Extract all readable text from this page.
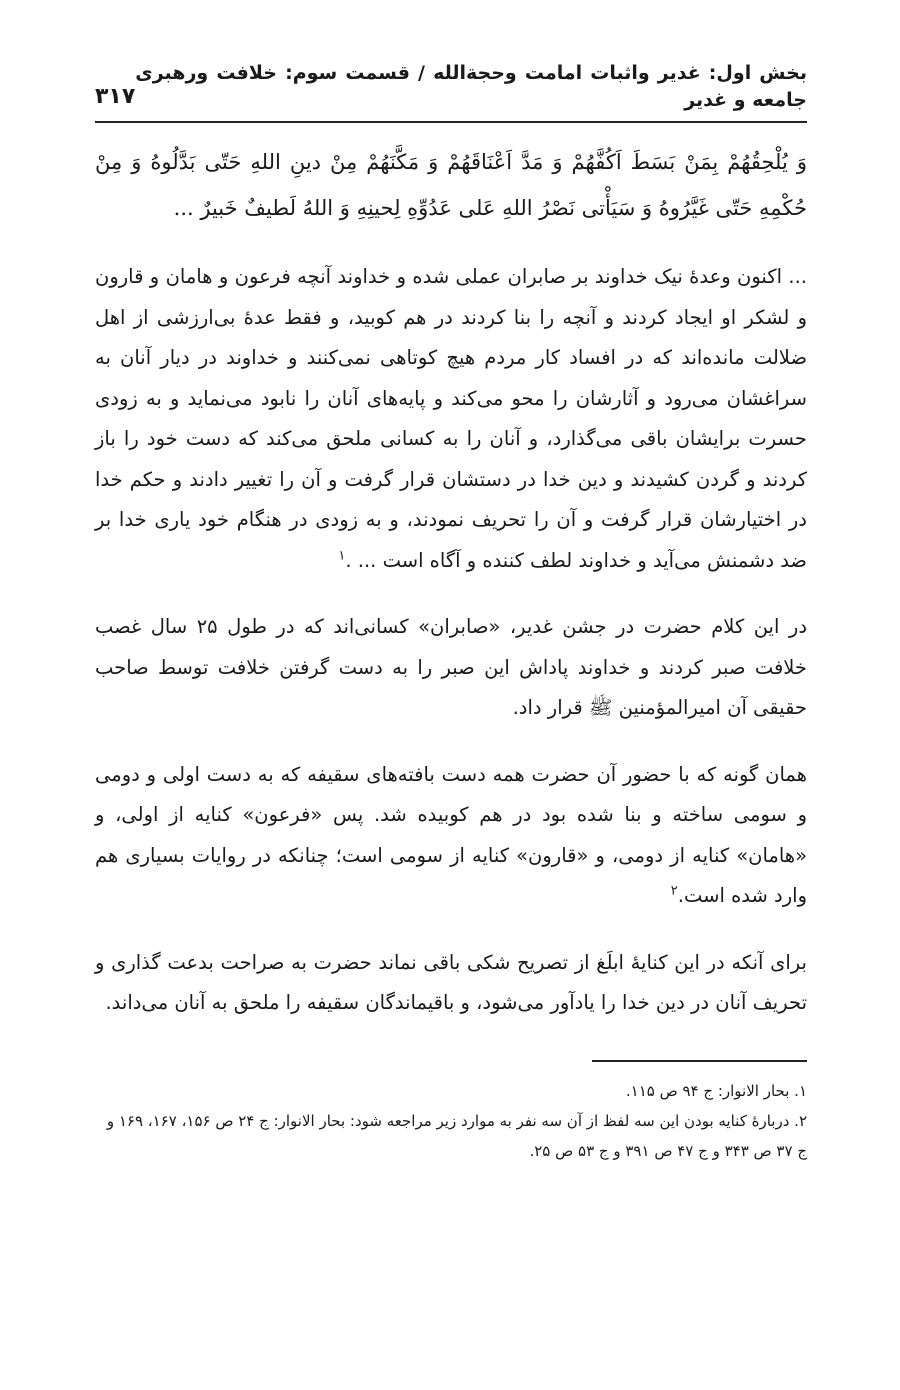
بخش اول: غدیر واثبات امامت وحجة‌الله / قسمت سوم: خلافت ورهبری جامعه و غدیر
۳۱۷
وَ يُلْحِقُهُمْ بِمَنْ بَسَطَ اَكُفَّهُمْ وَ مَدَّ اَعْنَاقَهُمْ وَ مَكَّنَهُمْ مِنْ دينِ اللهِ حَتّى بَدَّلُوهُ وَ مِنْ حُكْمِهِ حَتّى غَيَّرُوهُ وَ سَيَأْتى نَصْرُ اللهِ عَلى عَدُوِّهِ لِحينِهِ وَ اللهُ لَطيفٌ خَبيرٌ ...

... اكنون وعدهٔ نیک خداوند بر صابران عملی شده و خداوند آنچه فرعون و هامان و قارون و لشکر او ایجاد کردند و آنچه را بنا کردند در هم کوبید، و فقط عدهٔ بی‌ارزشی از اهل ضلالت مانده‌اند که در افساد کار مردم هیچ کوتاهی نمی‌کنند و خداوند در دیار آنان به سراغشان می‌رود و آثارشان را محو می‌کند و پایه‌های آنان را نابود می‌نماید و به زودی حسرت برایشان باقی می‌گذارد، و آنان را به کسانی ملحق می‌کند که دست خود را باز کردند و گردن کشیدند و دین خدا در دستشان قرار گرفت و آن را تغییر دادند و حکم خدا در اختیارشان قرار گرفت و آن را تحریف نمودند، و به زودی در هنگام خود یاری خدا بر ضد دشمنش می‌آید و خداوند لطف کننده و آگاه است ... .$^۱$

در این کلام حضرت در جشن غدیر، «صابران» کسانی‌اند که در طول ۲۵ سال غصب خلافت صبر کردند و خداوند پاداش این صبر را به دست گرفتن خلافت توسط صاحب حقیقی آن امیرالمؤمنین ﷺ قرار داد.

همان گونه که با حضور آن حضرت همه دست بافته‌های سقیفه که به دست اولی و دومی و سومی ساخته و بنا شده بود در هم کوبیده شد. پس «فرعون» کنایه از اولی، و «هامان» کنایه از دومی، و «قارون» کنایه از سومی است؛ چنانکه در روایات بسیاری هم وارد شده است.$^۲$

برای آنکه در این کنایهٔ ابلَغ از تصریح شکی باقی نماند حضرت به صراحت بدعت گذاری و تحریف آنان در دین خدا را یادآور می‌شود، و باقیماندگان سقیفه را ملحق به آنان می‌داند.

۱. بحار الانوار: ج ۹۴ ص ۱۱۵.
۲. دربارهٔ کنایه بودن این سه لفظ از آن سه نفر به موارد زیر مراجعه شود: بحار الانوار: ج ۲۴ ص ۱۵۶، ۱۶۷، ۱۶۹ و ج ۳۷ ص ۳۴۳ و ج ۴۷ ص ۳۹۱ و ج ۵۳ ص ۲۵.
